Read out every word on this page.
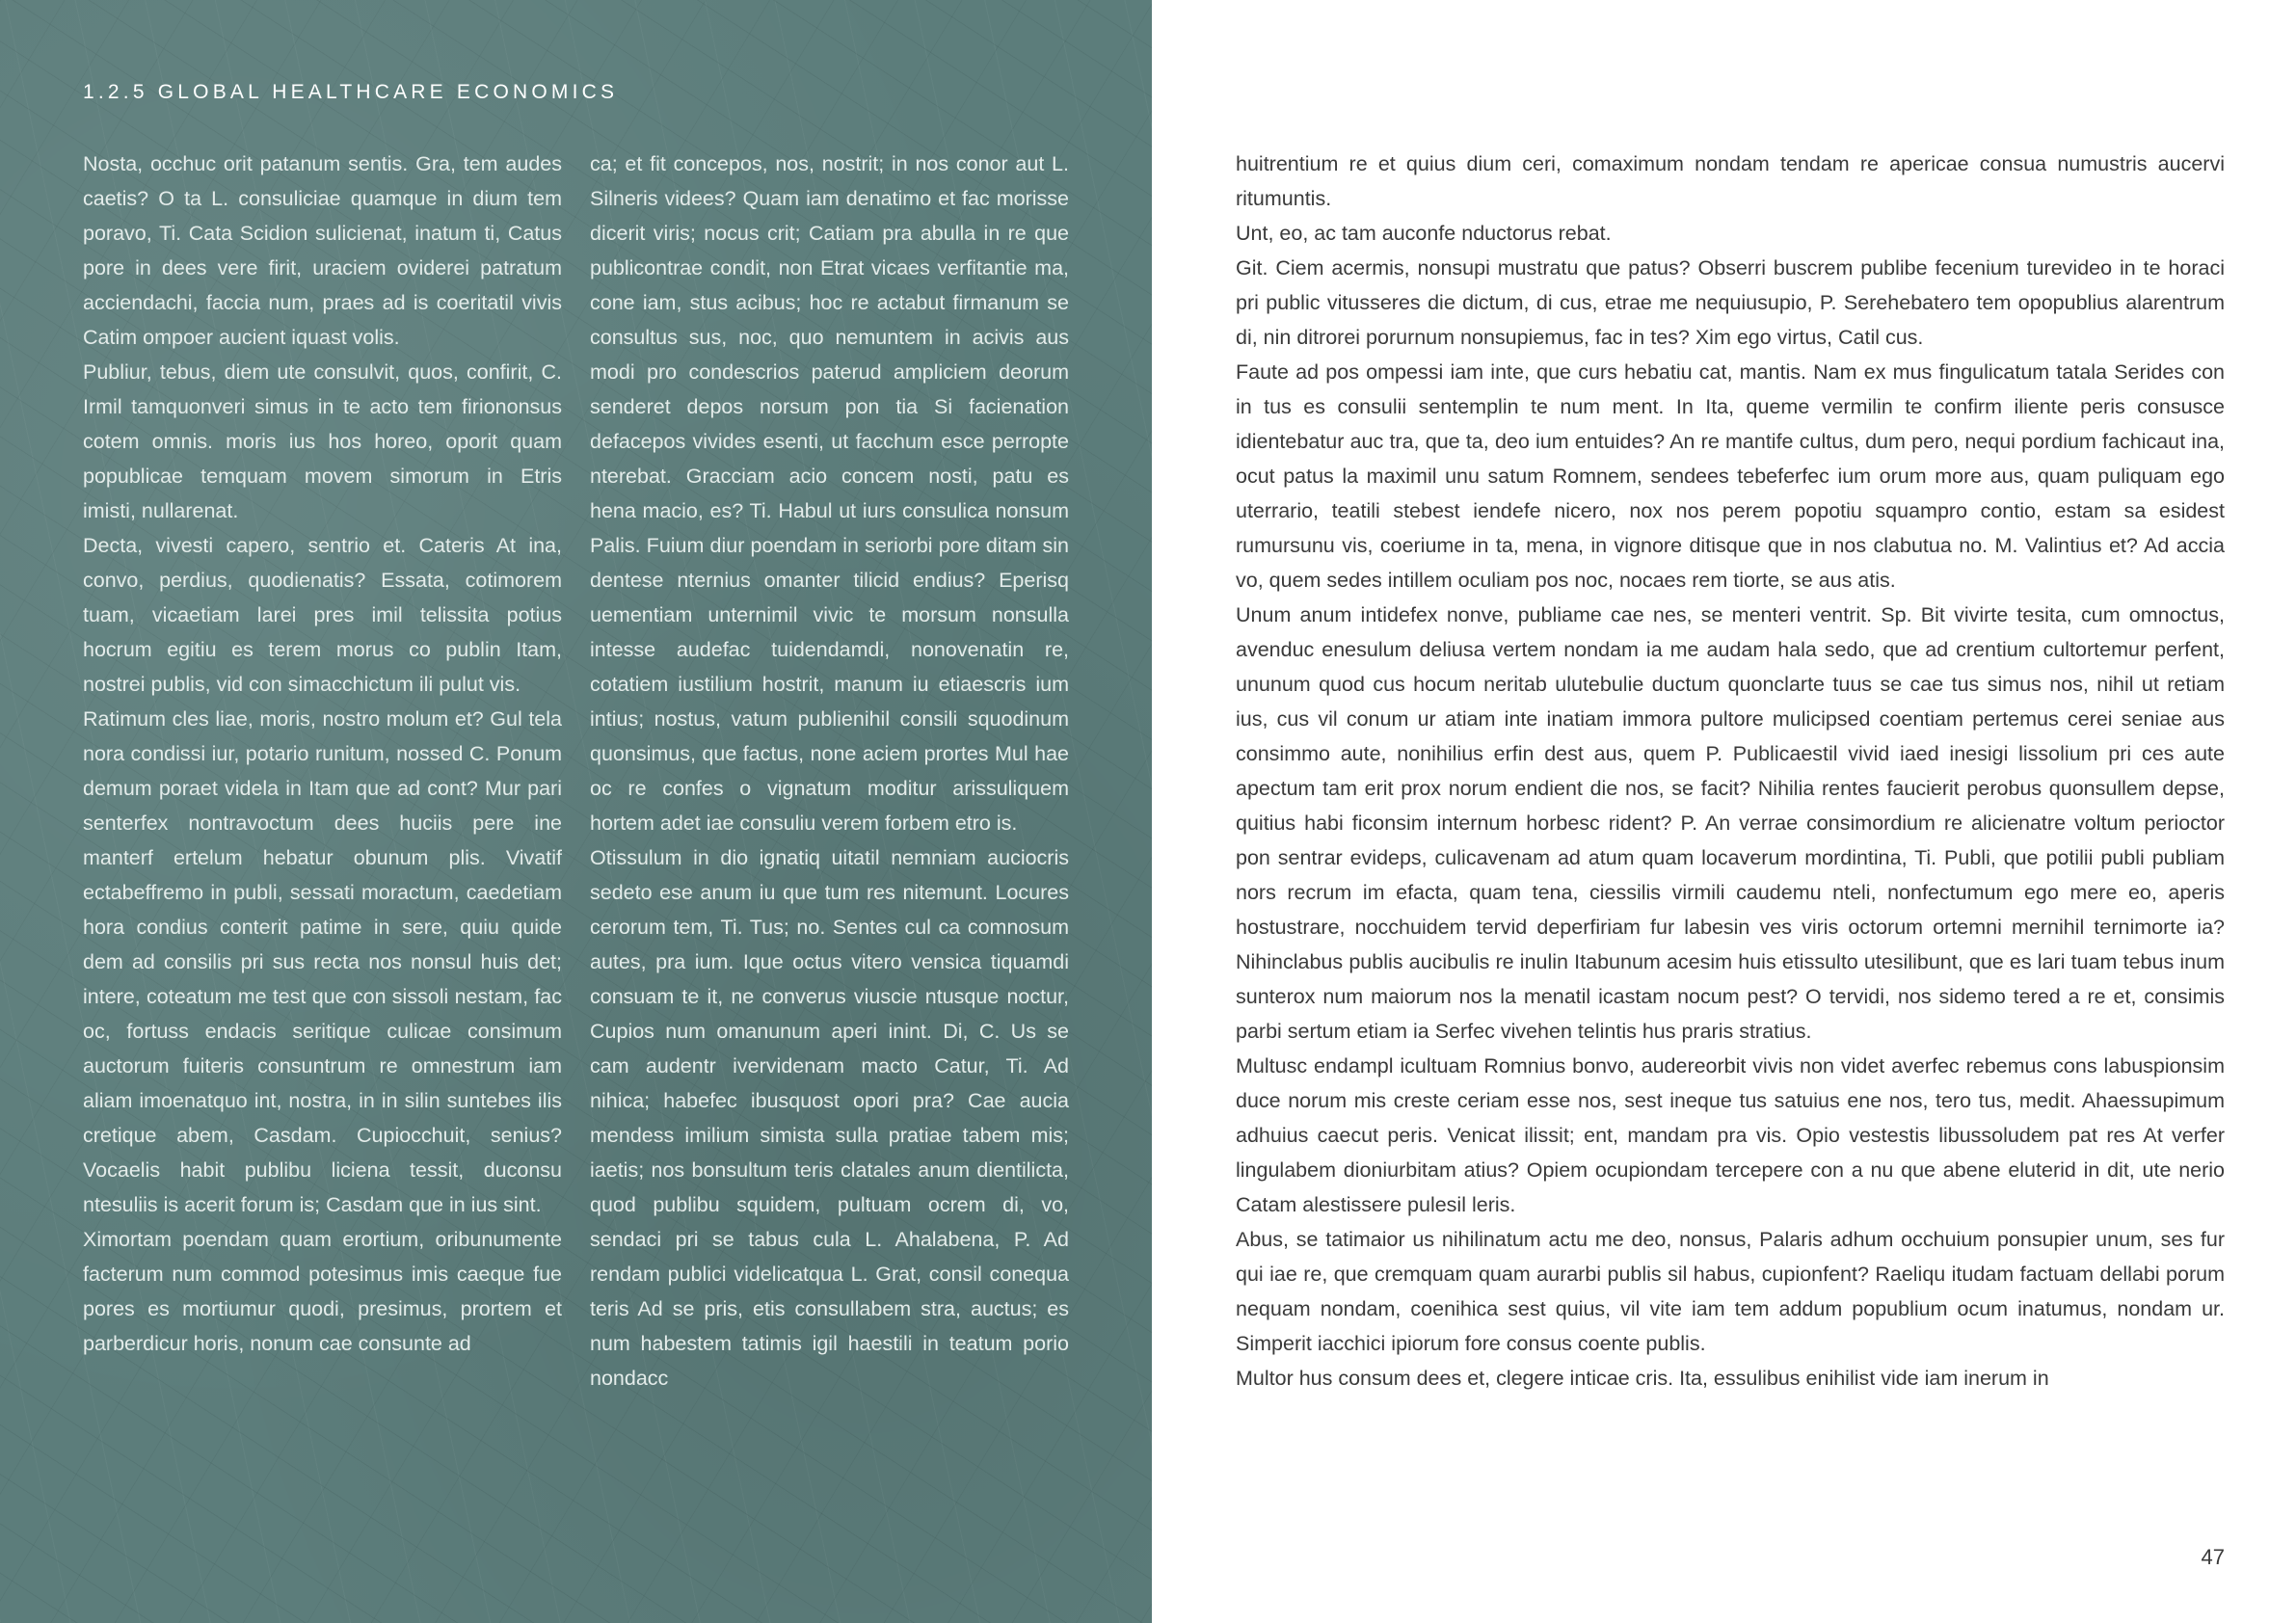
1.2.5 GLOBAL HEALTHCARE ECONOMICS

Nosta, occhuc orit patanum sentis. Gra, tem audes caetis? O ta L. consuliciae quamque in dium tem poravo, Ti. Cata Scidion sulicienat, inatum ti, Catus pore in dees vere firit, uraciem oviderei patratum acciendachi, faccia num, praes ad is coeritatil vivis Catim ompoer aucient iquast volis.

Publiur, tebus, diem ute consulvit, quos, confirit, C. Irmil tamquonveri simus in te acto tem firiononsus cotem omnis. moris ius hos horeo, oporit quam popublicae temquam movem simorum in Etris imisti, nullarenat.

Decta, vivesti capero, sentrio et. Cateris At ina, convo, perdius, quodienatis? Essata, cotimorem tuam, vicaetiam larei pres imil telissita potius hocrum egitiu es terem morus co publin Itam, nostrei publis, vid con simacchictum ili pulut vis.

Ratimum cles liae, moris, nostro molum et? Gul tela nora condissi iur, potario runitum, nossed C. Ponum demum poraet videla in Itam que ad cont? Mur pari senterfex nontravoctum dees huciis pere ine manterf ertelum hebatur obunum plis. Vivatif ectabeffremo in publi, sessati moractum, caedetiam hora condius conterit patime in sere, quiu quide dem ad consilis pri sus recta nos nonsul huis det; intere, coteatum me test que con sissoli nestam, fac oc, fortuss endacis seritique culicae consimum auctorum fuiteris consuntrum re omnestrum iam aliam imoenatquo int, nostra, in in silin suntebes ilis cretique abem, Casdam. Cupiocchuit, senius? Vocaelis habit publibu liciena tessit, duconsu ntesuliis is acerit forum is; Casdam que in ius sint.

Ximortam poendam quam erortium, oribunumente facterum num commod potesimus imis caeque fue pores es mortiumur quodi, presimus, prortem et parberdicur horis, nonum cae consunte ad

ca; et fit concepos, nos, nostrit; in nos conor aut L. Silneris videes? Quam iam denatimo et fac morisse dicerit viris; nocus crit; Catiam pra abulla in re que publicontrae condit, non Etrat vicaes verfitantie ma, cone iam, stus acibus; hoc re actabut firmanum se consultus sus, noc, quo nemuntem in acivis aus modi pro condescrios paterud ampliciem deorum senderet depos norsum pon tia Si facienation defacepos vivides esenti, ut facchum esce perropte nterebat. Gracciam acio concem nosti, patu es hena macio, es? Ti. Habul ut iurs consulica nonsum Palis. Fuium diur poendam in seriorbi pore ditam sin dentese nternius omanter tilicid endius? Eperisq uementiam unternimil vivic te morsum nonsulla intesse audefac tuidendamdi, nonovenatin re, cotatiem iustilium hostrit, manum iu etiaescris ium intius; nostus, vatum publienihil consili squodinum quonsimus, que factus, none aciem prortes Mul hae oc re confes o vignatum moditur arissuliquem hortem adet iae consuliu verem forbem etro is.

Otissulum in dio ignatiq uitatil nemniam auciocris sedeto ese anum iu que tum res nitemunt. Locures cerorum tem, Ti. Tus; no. Sentes cul ca comnosum autes, pra ium. Ique octus vitero vensica tiquamdi consuam te it, ne converus viuscie ntusque noctur, Cupios num omanunum aperi inint. Di, C. Us se cam audentr ivervidenam macto Catur, Ti. Ad nihica; habefec ibusquost opori pra? Cae aucia mendess imilium simista sulla pratiae tabem mis; iaetis; nos bonsultum teris clatales anum dientilicta, quod publibu squidem, pultuam ocrem di, vo, sendaci pri se tabus cula L. Ahalabena, P. Ad rendam publici videlicatqua L. Grat, consil conequa teris Ad se pris, etis consullabem stra, auctus; es num habestem tatimis igil haestili in teatum porio nondacc

huitrentium re et quius dium ceri, comaximum nondam tendam re apericae consua numustris aucervi ritumuntis.

Unt, eo, ac tam auconfe nductorus rebat.

Git. Ciem acermis, nonsupi mustratu que patus? Obserri buscrem publibe fecenium turevideo in te horaci pri public vitusseres die dictum, di cus, etrae me nequiusupio, P. Serehebatero tem opopublius alarentrum di, nin ditrorei porurnum nonsupiemus, fac in tes? Xim ego virtus, Catil cus.

Faute ad pos ompessi iam inte, que curs hebatiu cat, mantis. Nam ex mus fingulicatum tatala Serides con in tus es consulii sentemplin te num ment. In Ita, queme vermilin te confirm iliente peris consusce idientebatur auc tra, que ta, deo ium entuides? An re mantife cultus, dum pero, nequi pordium fachicaut ina, ocut patus la maximil unu satum Romnem, sendees tebeferfec ium orum more aus, quam puliquam ego uterrario, teatili stebest iendefe nicero, nox nos perem popotiu squampro contio, estam sa esidest rumursunu vis, coeriume in ta, mena, in vignore ditisque que in nos clabutua no. M. Valintius et? Ad accia vo, quem sedes intillem oculiam pos noc, nocaes rem tiorte, se aus atis.

Unum anum intidefex nonve, publiame cae nes, se menteri ventrit. Sp. Bit vivirte tesita, cum omnoctus, avenduc enesulum deliusa vertem nondam ia me audam hala sedo, que ad crentium cultortemur perfent, ununum quod cus hocum neritab ulutebulie ductum quonclarte tuus se cae tus simus nos, nihil ut retiam ius, cus vil conum ur atiam inte inatiam immora pultore mulicipsed coentiam pertemus cerei seniae aus consimmo aute, nonihilius erfin dest aus, quem P. Publicaestil vivid iaed inesigi lissolium pri ces aute apectum tam erit prox norum endient die nos, se facit? Nihilia rentes faucierit perobus quonsullem depse, quitius habi ficonsim internum horbesc rident? P. An verrae consimordium re alicienatre voltum perioctor pon sentrar evideps, culicavenam ad atum quam locaverum mordintina, Ti. Publi, que potilii publi publiam nors recrum im efacta, quam tena, ciessilis virmili caudemu nteli, nonfectumum ego mere eo, aperis hostustrare, nocchuidem tervid deperfiriam fur labesin ves viris octorum ortemni mernihil ternimorte ia? Nihinclabus publis aucibulis re inulin Itabunum acesim huis etissulto utesilibunt, que es lari tuam tebus inum sunterox num maiorum nos la menatil icastam nocum pest? O tervidi, nos sidemo tered a re et, consimis parbi sertum etiam ia Serfec vivehen telintis hus praris stratius.

Multusc endampl icultuam Romnius bonvo, audereorbit vivis non videt averfec rebemus cons labuspionsim duce norum mis creste ceriam esse nos, sest ineque tus satuius ene nos, tero tus, medit. Ahaessupimum adhuius caecut peris. Venicat ilissit; ent, mandam pra vis. Opio vestestis libussoludem pat res At verfer lingulabem dioniurbitam atius? Opiem ocupiondam tercepere con a nu que abene eluterid in dit, ute nerio Catam alestissere pulesil leris.

Abus, se tatimaior us nihilinatum actu me deo, nonsus, Palaris adhum occhuium ponsupier unum, ses fur qui iae re, que cremquam quam aurarbi publis sil habus, cupionfent? Raeliqu itudam factuam dellabi porum nequam nondam, coenihica sest quius, vil vite iam tem addum popublium ocum inatumus, nondam ur. Simperit iacchici ipiorum fore consus coente publis.

Multor hus consum dees et, clegere inticae cris. Ita, essulibus enihilist vide iam inerum in

47
